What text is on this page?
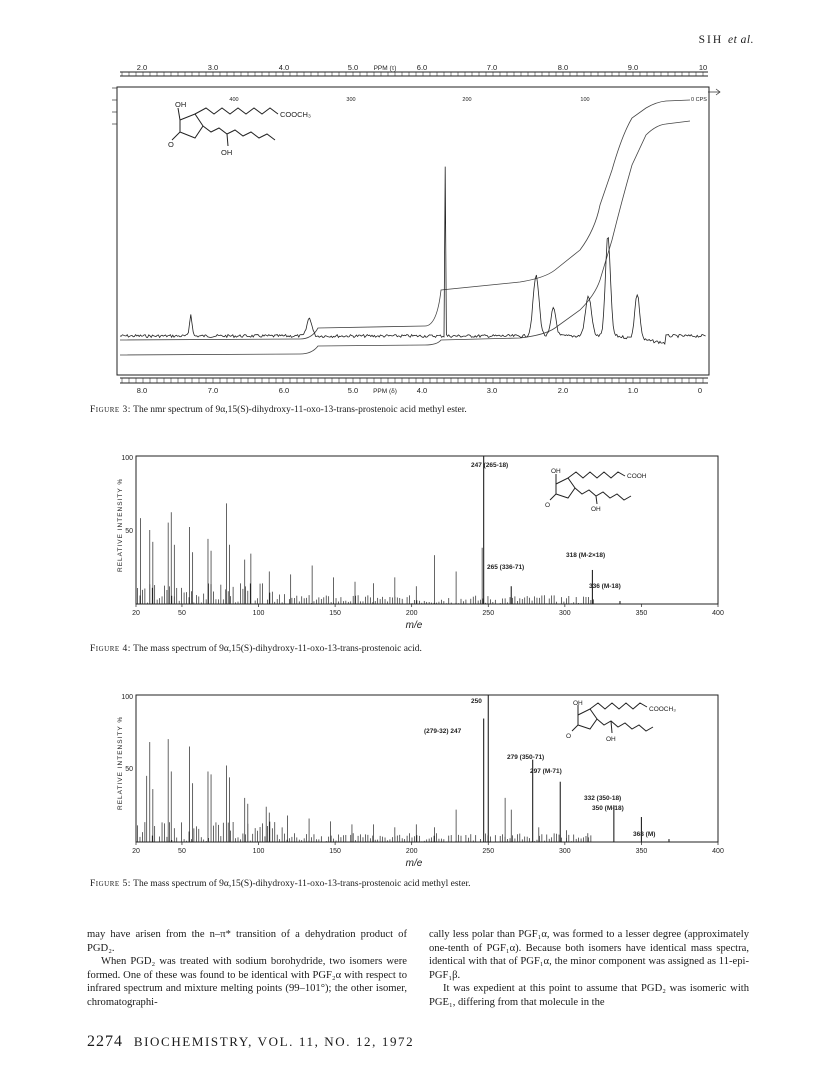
SIH et al.
2.0	3.0	4.0	5.0	6.0	7.0	8.0	9.0	10
PPM (τ)
400	300	200	100	0 CPS
8.0	7.0	6.0	5.0	4.0	3.0	2.0	1.0	0
PPM (δ)
OH
COOCH₃
OH
O
Figure 3: The nmr spectrum of 9α,15(S)-dihydroxy-11-oxo-13-trans-prostenoic acid methyl ester.
247 (265-18)
265 (336-71)
318 (M-2×18)
336 (M-18)
100
50
RELATIVE INTENSITY %
20	50	100	150	200	250	300	350	400
m/e
OH
COOH
OH
O
Figure 4: The mass spectrum of 9α,15(S)-dihydroxy-11-oxo-13-trans-prostenoic acid.
250
(279-32) 247
279 (350-71)
297 (M-71)
332 (350-18)
350 (M-18)
368 (M)
100
50
RELATIVE INTENSITY %
20	50	100	150	200	250	300	350	400
m/e
OH
COOCH₃
OH
O
Figure 5: The mass spectrum of 9α,15(S)-dihydroxy-11-oxo-13-trans-prostenoic acid methyl ester.

may have arisen from the n–π* transition of a dehydration product of PGD₂.

When PGD₂ was treated with sodium borohydride, two isomers were formed. One of these was found to be identical with PGF₂α with respect to infrared spectrum and mixture melting points (99–101°); the other isomer, chromatographi-

cally less polar than PGF₁α, was formed to a lesser degree (approximately one-tenth of PGF₁α). Because both isomers have identical mass spectra, identical with that of PGF₁α, the minor component was assigned as 11-epi-PGF₁β.

It was expedient at this point to assume that PGD₂ was isomeric with PGE₁, differing from that molecule in the

2274 BIOCHEMISTRY, VOL. 11, NO. 12, 1972
